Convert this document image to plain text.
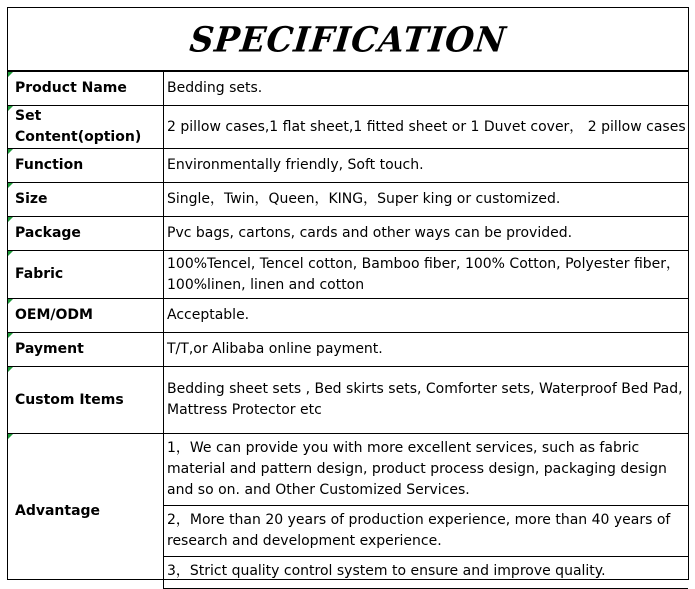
SPECIFICATION
Product Name	Bedding sets.

Set Content(option)	2 pillow cases,1 flat sheet,1 fitted sheet or 1 Duvet cover， 2 pillow cases

Function	Environmentally friendly, Soft touch.

Size	Single，Twin，Queen，KING，Super king or customized.

Package	Pvc bags, cartons, cards and other ways can be provided.

Fabric	100%Tencel, Tencel cotton, Bamboo fiber, 100% Cotton, Polyester fiber，100%linen, linen and cotton

OEM/ODM	Acceptable.

Payment	T/T,or Alibaba online payment.

Custom Items	Bedding sheet sets , Bed skirts sets, Comforter sets, Waterproof Bed Pad, Mattress Protector etc

Advantage	1，We can provide you with more excellent services, such as fabric material and pattern design, product process design, packaging design and so on. and Other Customized Services.
2，More than 20 years of production experience, more than 40 years of research and development experience.
3，Strict quality control system to ensure and improve quality.
